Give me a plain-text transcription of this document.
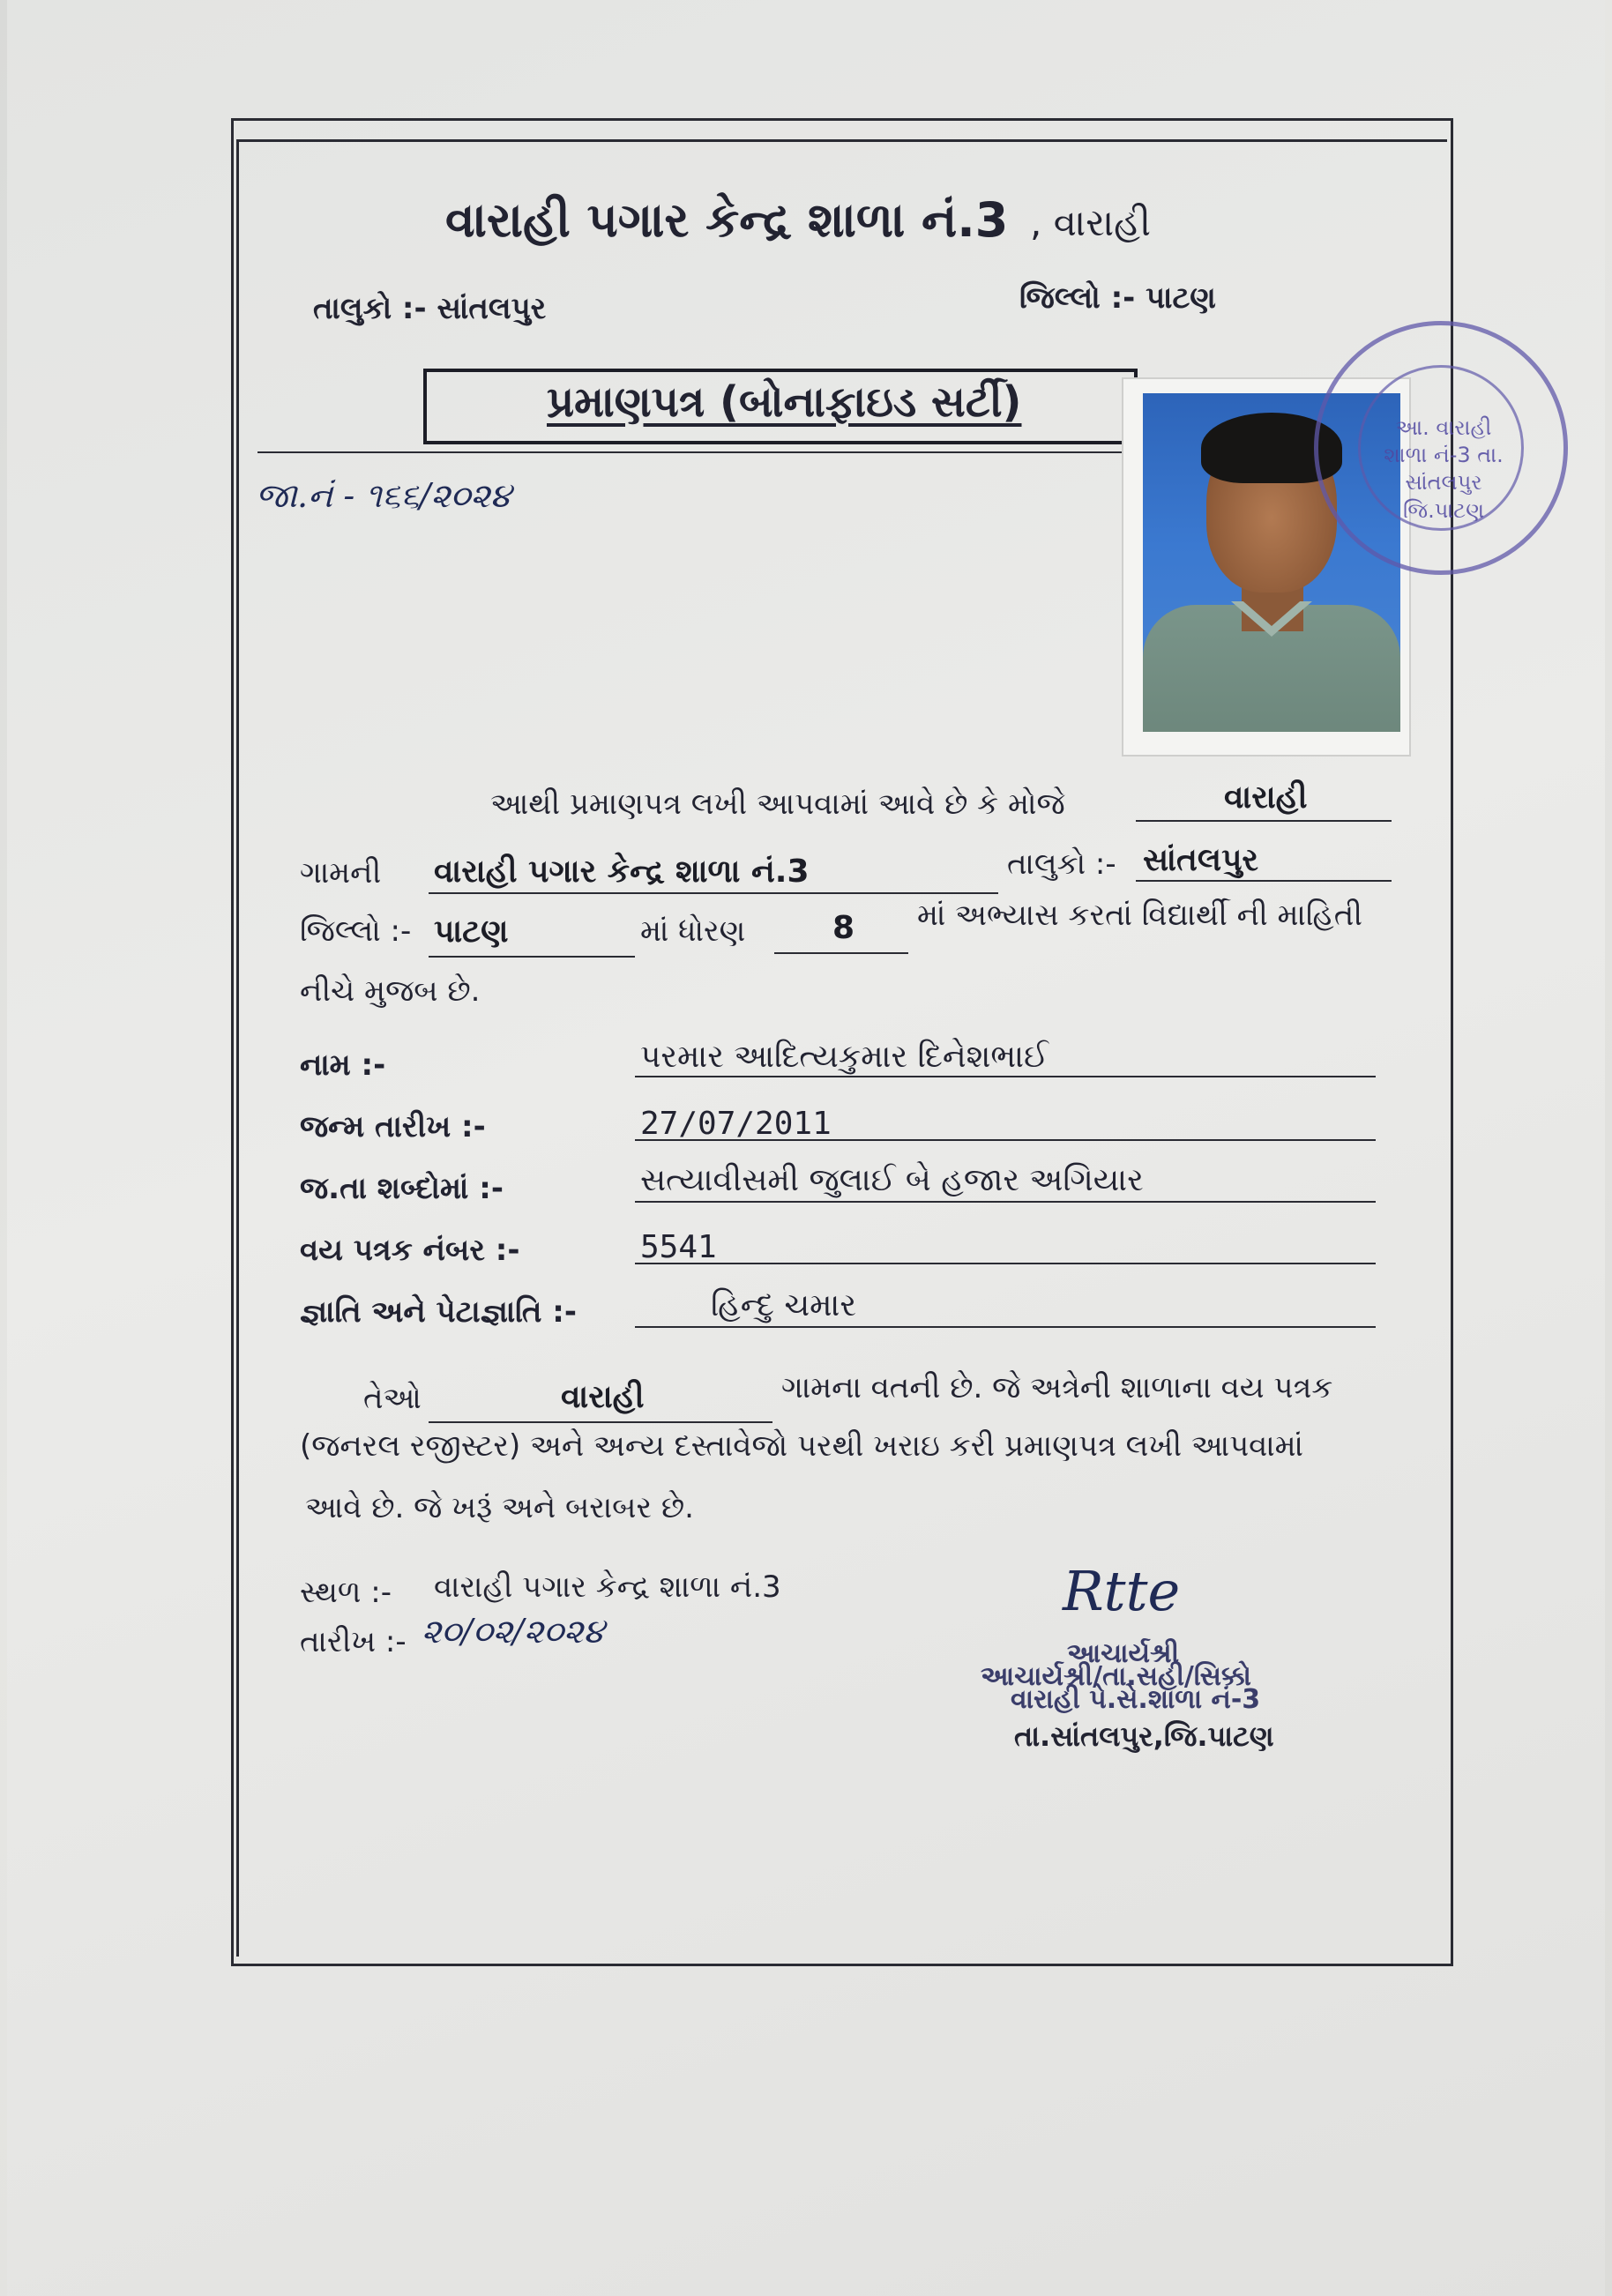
વારાહી પગાર કેન્દ્ર શાળા નં.3 , વારાહી
તાલુકો :- સાંતલપુર	જિલ્લો :- પાટણ
પ્રમાણપત્ર (બોનાફાઇડ સર્ટી)
જા.નં - ૧૬૬/૨૦૨૪
આ. વારાહી શાળા નં-3 તા. સાંતલપુર જિ.પાટણ
આથી પ્રમાણપત્ર લખી આપવામાં આવે છે કે મોજે	વારાહી
ગામની વારાહી પગાર કેન્દ્ર શાળા નં.3	તાલુકો :- સાંતલપુર
જિલ્લો :- પાટણ	માં ધોરણ	8 માં અભ્યાસ કરતાં વિદ્યાર્થી ની માહિતી
નીચે મુજબ છે.
નામ :-	પરમાર આદિત્યકુમાર દિનેશભાઈ
જન્મ તારીખ :-	27/07/2011
જ.તા શબ્દોમાં :-	સત્યાવીસમી જુલાઈ બે હજાર અગિયાર
વય પત્રક નંબર :-	5541
જ્ઞાતિ અને પેટાજ્ઞાતિ :-	હિન્દુ ચમાર
તેઓ	વારાહી	ગામના વતની છે. જે અત્રેની શાળાના વય પત્રક
(જનરલ રજીસ્ટર) અને અન્ય દસ્તાવેજો પરથી ખરાઇ કરી પ્રમાણપત્ર લખી આપવામાં
આવે છે. જે ખરૂં અને બરાબર છે.
સ્થળ :- વારાહી પગાર કેન્દ્ર શાળા નં.3
તારીખ :- ૨૦/૦૨/૨૦૨૪
Rtte
આચાર્યશ્રી
આચાર્યશ્રી/તા.સહી/સિક્કો
વારાહી પે.સે.શાળા નં-3
તા.સાંતલપુર,જિ.પાટણ
